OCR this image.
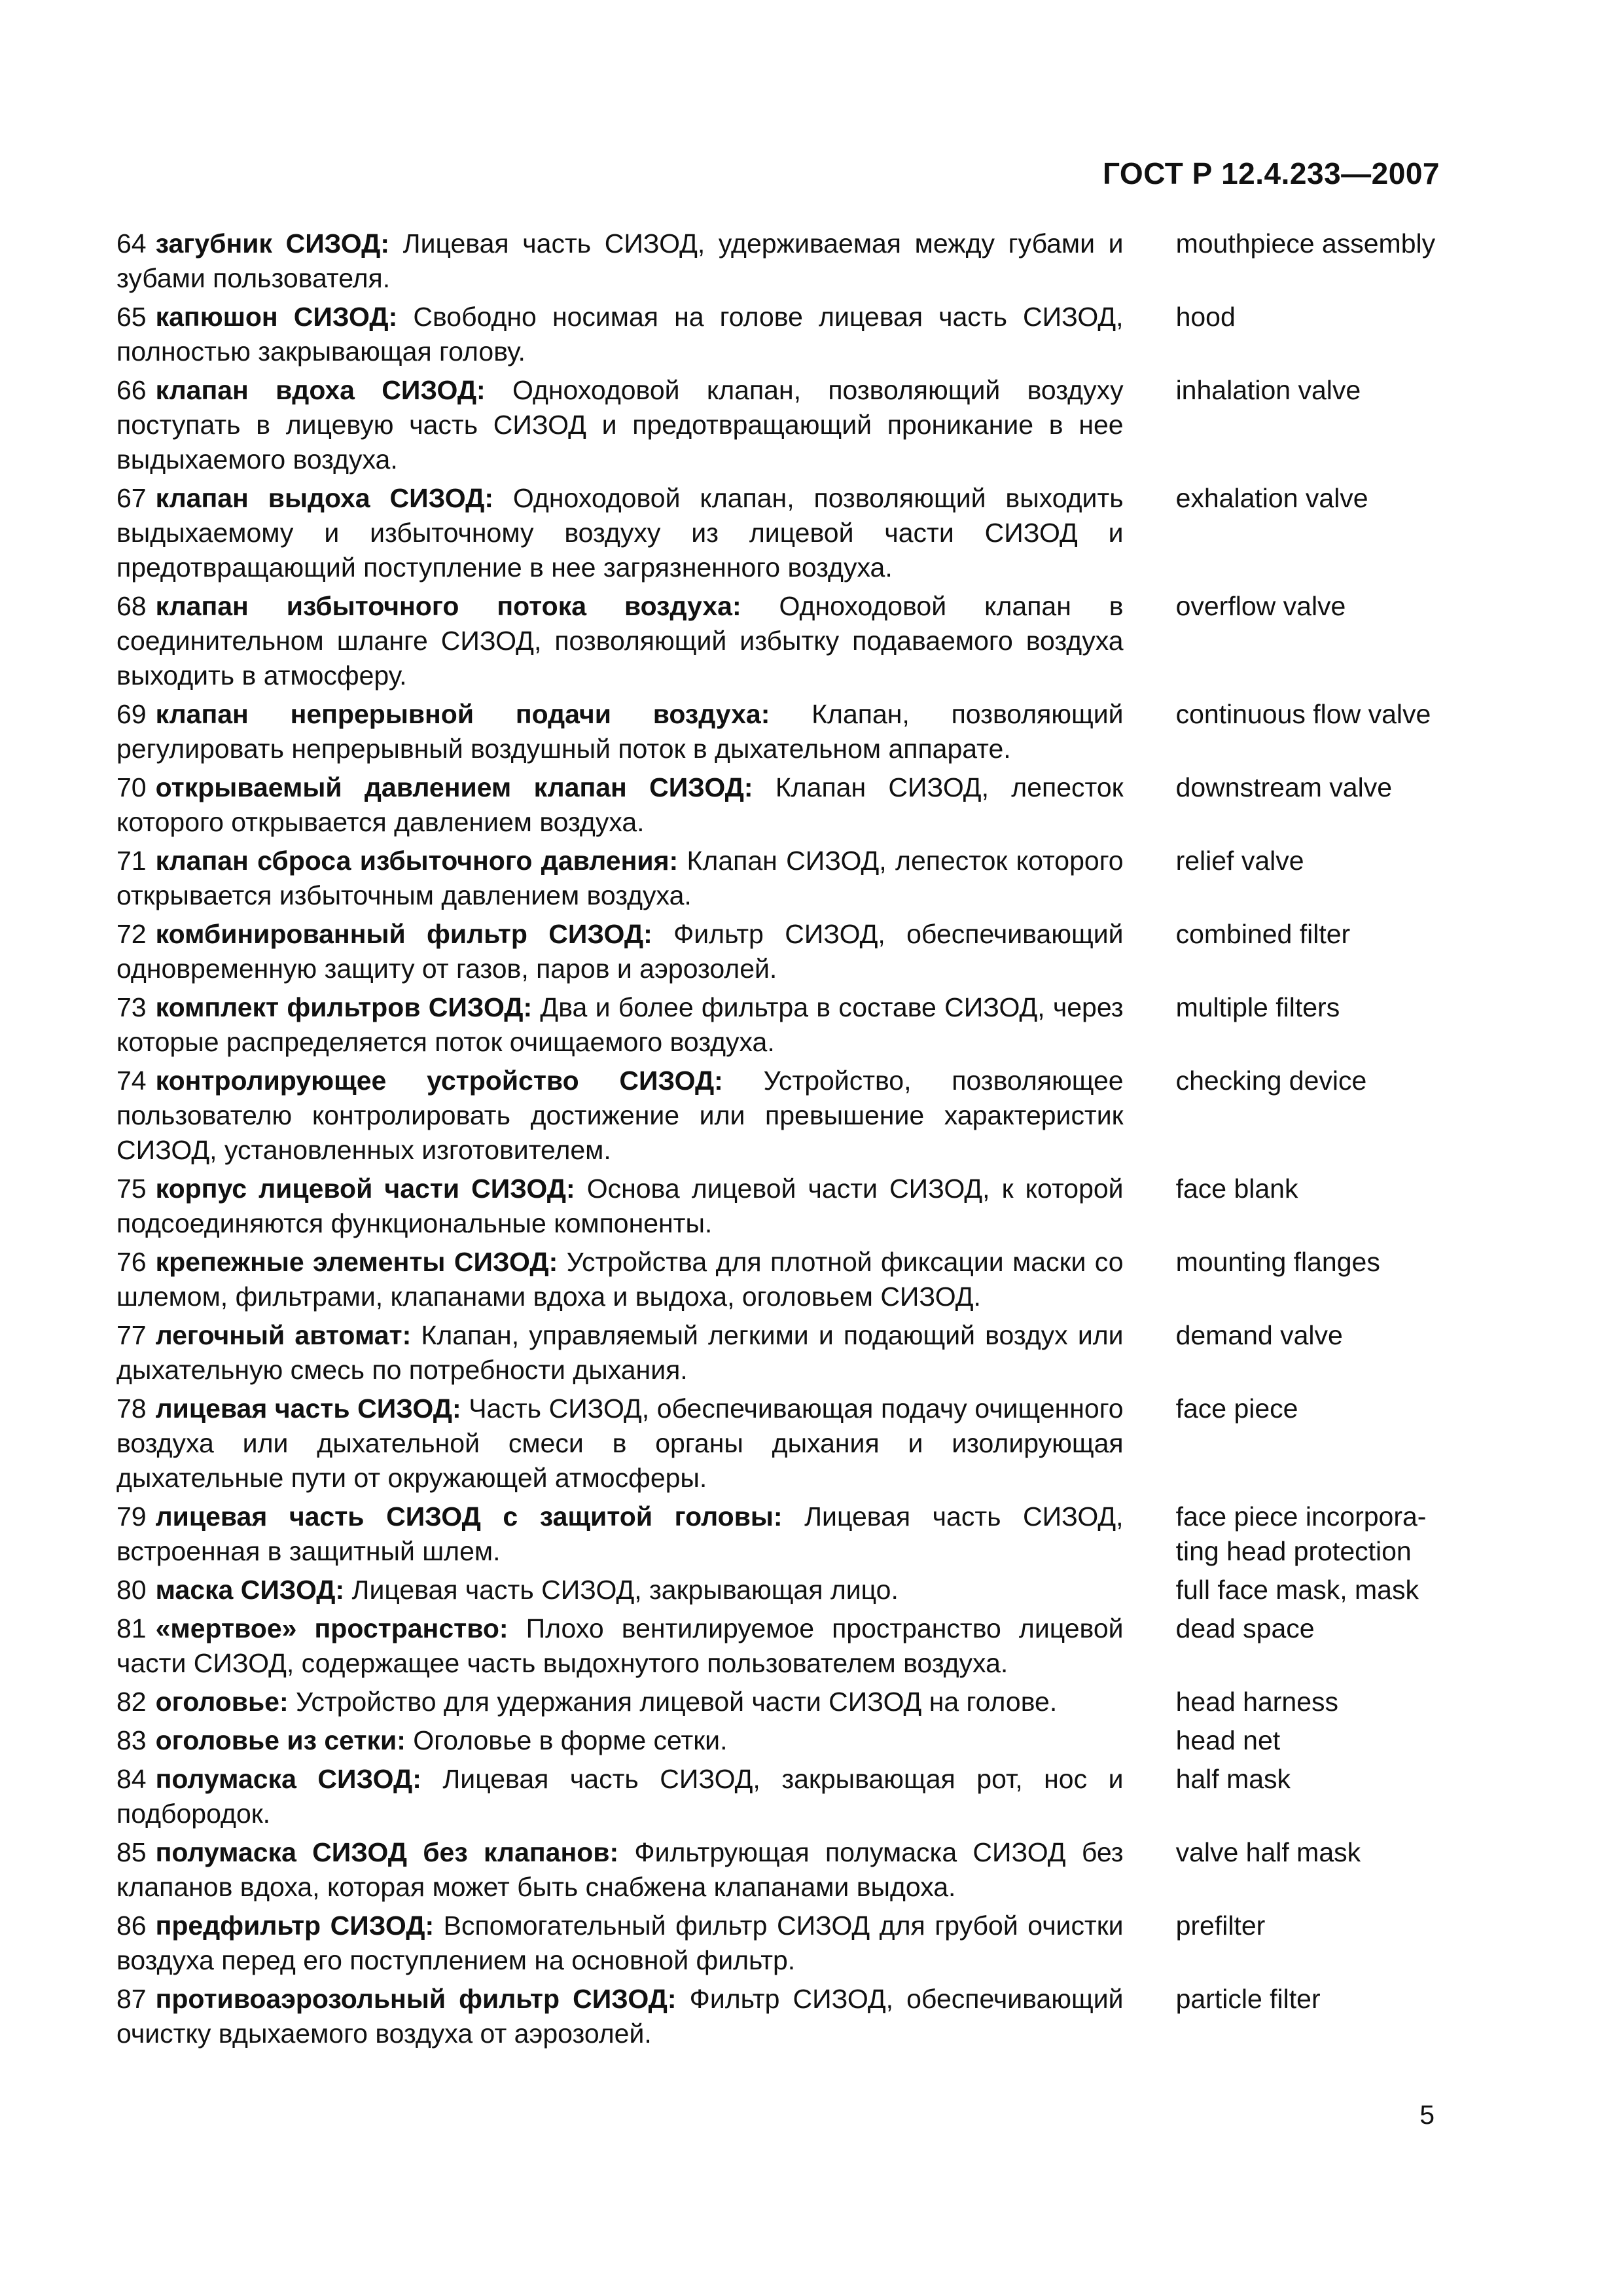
ГОСТ Р 12.4.233—2007
64 загубник СИЗОД: Лицевая часть СИЗОД, удерживаемая между губами и зубами пользователя.
mouthpiece assembly
65 капюшон СИЗОД: Свободно носимая на голове лицевая часть СИЗОД, полностью закрывающая голову.
hood
66 клапан вдоха СИЗОД: Одноходовой клапан, позволяющий воздуху поступать в лицевую часть СИЗОД и предотвращающий проникание в нее выдыхаемого воздуха.
inhalation valve
67 клапан выдоха СИЗОД: Одноходовой клапан, позволяющий выходить выдыхаемому и избыточному воздуху из лицевой части СИЗОД и предотвращающий поступление в нее загрязненного воздуха.
exhalation valve
68 клапан избыточного потока воздуха: Одноходовой клапан в соединительном шланге СИЗОД, позволяющий избытку подаваемого воздуха выходить в атмосферу.
overflow valve
69 клапан непрерывной подачи воздуха: Клапан, позволяющий регулировать непрерывный воздушный поток в дыхательном аппарате.
continuous flow valve
70 открываемый давлением клапан СИЗОД: Клапан СИЗОД, лепесток которого открывается давлением воздуха.
downstream valve
71 клапан сброса избыточного давления: Клапан СИЗОД, лепесток которого открывается избыточным давлением воздуха.
relief valve
72 комбинированный фильтр СИЗОД: Фильтр СИЗОД, обеспечивающий одновременную защиту от газов, паров и аэрозолей.
combined filter
73 комплект фильтров СИЗОД: Два и более фильтра в составе СИЗОД, через которые распределяется поток очищаемого воздуха.
multiple filters
74 контролирующее устройство СИЗОД: Устройство, позволяющее пользователю контролировать достижение или превышение характеристик СИЗОД, установленных изготовителем.
checking device
75 корпус лицевой части СИЗОД: Основа лицевой части СИЗОД, к которой подсоединяются функциональные компоненты.
face blank
76 крепежные элементы СИЗОД: Устройства для плотной фиксации маски со шлемом, фильтрами, клапанами вдоха и выдоха, оголовьем СИЗОД.
mounting flanges
77 легочный автомат: Клапан, управляемый легкими и подающий воздух или дыхательную смесь по потребности дыхания.
demand valve
78 лицевая часть СИЗОД: Часть СИЗОД, обеспечивающая подачу очищенного воздуха или дыхательной смеси в органы дыхания и изолирующая дыхательные пути от окружающей атмосферы.
face piece
79 лицевая часть СИЗОД с защитой головы: Лицевая часть СИЗОД, встроенная в защитный шлем.
face piece incorpora-
ting head protection
80 маска СИЗОД: Лицевая часть СИЗОД, закрывающая лицо.	full face mask, mask
81 «мертвое» пространство: Плохо вентилируемое пространство лицевой части СИЗОД, содержащее часть выдохнутого пользователем воздуха.
dead space
82 оголовье: Устройство для удержания лицевой части СИЗОД на голове.	head harness
83 оголовье из сетки: Оголовье в форме сетки.	head net
84 полумаска СИЗОД: Лицевая часть СИЗОД, закрывающая рот, нос и подбородок.
half mask
85 полумаска СИЗОД без клапанов: Фильтрующая полумаска СИЗОД без клапанов вдоха, которая может быть снабжена клапанами выдоха.
valve half mask
86 предфильтр СИЗОД: Вспомогательный фильтр СИЗОД для грубой очистки воздуха перед его поступлением на основной фильтр.
prefilter
87 противоаэрозольный фильтр СИЗОД: Фильтр СИЗОД, обеспечивающий очистку вдыхаемого воздуха от аэрозолей.
particle filter
5
